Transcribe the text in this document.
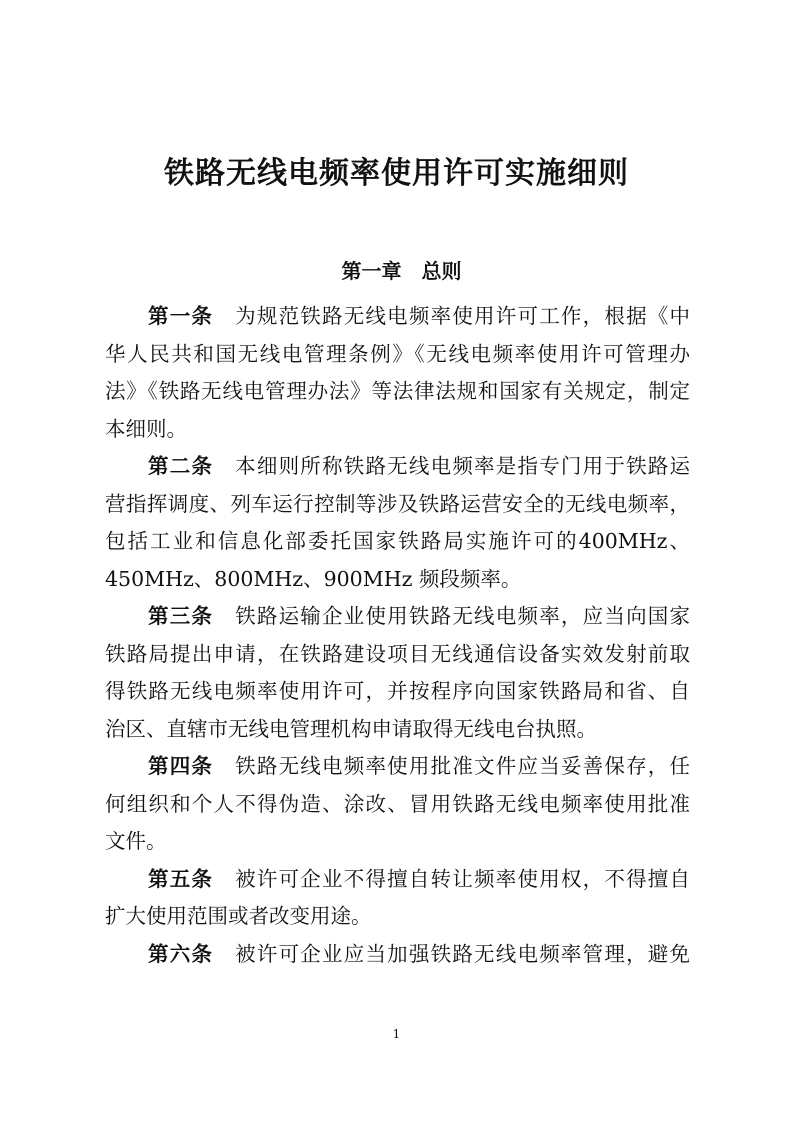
铁路无线电频率使用许可实施细则
第一章 总则
第一条 为规范铁路无线电频率使用许可工作，根据《中
华人民共和国无线电管理条例》《无线电频率使用许可管理办
法》《铁路无线电管理办法》等法律法规和国家有关规定，制定
本细则。
第二条 本细则所称铁路无线电频率是指专门用于铁路运
营指挥调度、列车运行控制等涉及铁路运营安全的无线电频率，
包括工业和信息化部委托国家铁路局实施许可的400MHz、
450MHz、800MHz、900MHz 频段频率。
第三条 铁路运输企业使用铁路无线电频率，应当向国家
铁路局提出申请，在铁路建设项目无线通信设备实效发射前取
得铁路无线电频率使用许可，并按程序向国家铁路局和省、自
治区、直辖市无线电管理机构申请取得无线电台执照。
第四条 铁路无线电频率使用批准文件应当妥善保存，任
何组织和个人不得伪造、涂改、冒用铁路无线电频率使用批准
文件。
第五条 被许可企业不得擅自转让频率使用权，不得擅自
扩大使用范围或者改变用途。
第六条 被许可企业应当加强铁路无线电频率管理，避免
1
